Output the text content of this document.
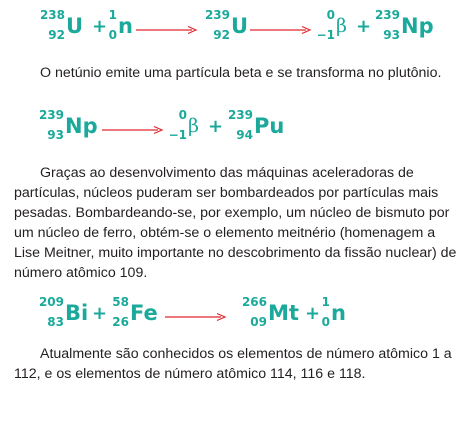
238
92 U +
1
0 n →
239
92 U →
0
−1 β +
239
93 Np

O netúnio emite uma partícula beta e se transforma no plutônio.

239
93 Np →
0
−1 β +
239
94 Pu

Graças ao desenvolvimento das máquinas aceleradoras de partículas, núcleos puderam ser bombardeados por partículas mais pesadas. Bombardeando-se, por exemplo, um núcleo de bismuto por um núcleo de ferro, obtém-se o elemento meitnério (homenagem a Lise Meitner, muito importante no descobrimento da fissão nuclear) de número atômico 109.

209
83 Bi +
58
26 Fe →
266
09 Mt +
1
0 n

Atualmente são conhecidos os elementos de número atômico 1 a 112, e os elementos de número atômico 114, 116 e 118.
